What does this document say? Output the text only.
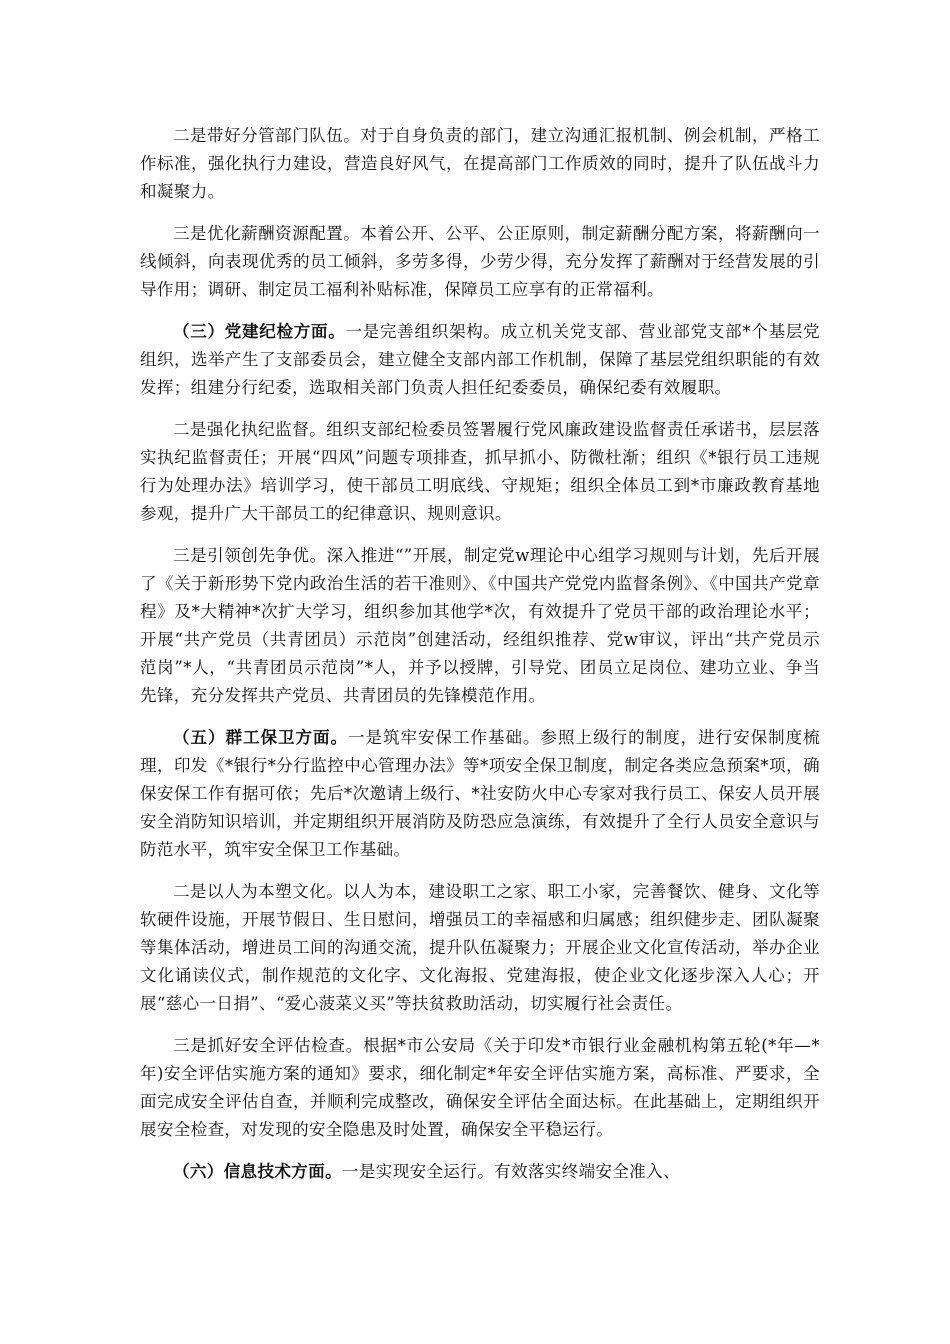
二是带好分管部门队伍。对于自身负责的部门，建立沟通汇报机制、例会机制，严格工作标准，强化执行力建设，营造良好风气，在提高部门工作质效的同时，提升了队伍战斗力和凝聚力。

三是优化薪酬资源配置。本着公开、公平、公正原则，制定薪酬分配方案，将薪酬向一线倾斜，向表现优秀的员工倾斜，多劳多得，少劳少得，充分发挥了薪酬对于经营发展的引导作用；调研、制定员工福利补贴标准，保障员工应享有的正常福利。

（三）党建纪检方面。一是完善组织架构。成立机关党支部、营业部党支部*个基层党组织，选举产生了支部委员会，建立健全支部内部工作机制，保障了基层党组织职能的有效发挥；组建分行纪委，选取相关部门负责人担任纪委委员，确保纪委有效履职。

二是强化执纪监督。组织支部纪检委员签署履行党风廉政建设监督责任承诺书，层层落实执纪监督责任；开展“四风”问题专项排查，抓早抓小、防微杜渐；组织《*银行员工违规行为处理办法》培训学习，使干部员工明底线、守规矩；组织全体员工到*市廉政教育基地参观，提升广大干部员工的纪律意识、规则意识。

三是引领创先争优。深入推进“”开展，制定党w理论中心组学习规则与计划，先后开展了《关于新形势下党内政治生活的若干准则》、《中国共产党党内监督条例》、《中国共产党章程》及*大精神*次扩大学习，组织参加其他学*次，有效提升了党员干部的政治理论水平；开展“共产党员（共青团员）示范岗”创建活动，经组织推荐、党w审议，评出“共产党员示范岗”*人，“共青团员示范岗”*人，并予以授牌，引导党、团员立足岗位、建功立业、争当先锋，充分发挥共产党员、共青团员的先锋模范作用。

（五）群工保卫方面。一是筑牢安保工作基础。参照上级行的制度，进行安保制度梳理，印发《*银行*分行监控中心管理办法》等*项安全保卫制度，制定各类应急预案*项，确保安保工作有据可依；先后*次邀请上级行、*社安防火中心专家对我行员工、保安人员开展安全消防知识培训，并定期组织开展消防及防恐应急演练，有效提升了全行人员安全意识与防范水平，筑牢安全保卫工作基础。

二是以人为本塑文化。以人为本，建设职工之家、职工小家，完善餐饮、健身、文化等软硬件设施，开展节假日、生日慰问，增强员工的幸福感和归属感；组织健步走、团队凝聚等集体活动，增进员工间的沟通交流，提升队伍凝聚力；开展企业文化宣传活动，举办企业文化诵读仪式，制作规范的文化字、文化海报、党建海报，使企业文化逐步深入人心；开展“慈心一日捐”、“爱心菠菜义买”等扶贫救助活动，切实履行社会责任。

三是抓好安全评估检查。根据*市公安局《关于印发*市银行业金融机构第五轮(*年—*年)安全评估实施方案的通知》要求，细化制定*年安全评估实施方案，高标准、严要求，全面完成安全评估自查，并顺利完成整改，确保安全评估全面达标。在此基础上，定期组织开展安全检查，对发现的安全隐患及时处置，确保安全平稳运行。

（六）信息技术方面。一是实现安全运行。有效落实终端安全准入、
